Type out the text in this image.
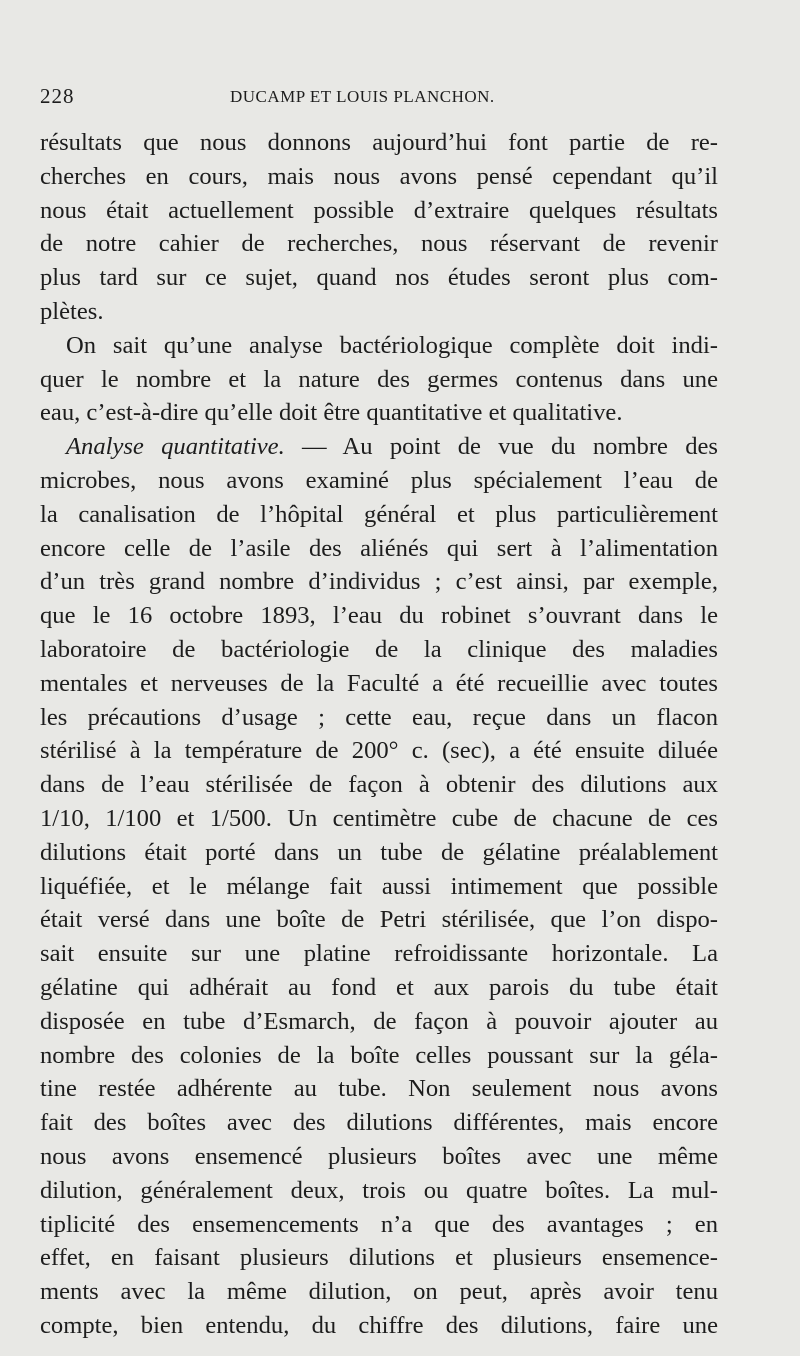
228	DUCAMP ET LOUIS PLANCHON.
résultats que nous donnons aujourd’hui font partie de re-
cherches en cours, mais nous avons pensé cependant qu’il
nous était actuellement possible d’extraire quelques résultats
de notre cahier de recherches, nous réservant de revenir
plus tard sur ce sujet, quand nos études seront plus com-
plètes.
On sait qu’une analyse bactériologique complète doit indi-
quer le nombre et la nature des germes contenus dans une
eau, c’est-à-dire qu’elle doit être quantitative et qualitative.
Analyse quantitative. — Au point de vue du nombre des
microbes, nous avons examiné plus spécialement l’eau de
la canalisation de l’hôpital général et plus particulièrement
encore celle de l’asile des aliénés qui sert à l’alimentation
d’un très grand nombre d’individus ; c’est ainsi, par exemple,
que le 16 octobre 1893, l’eau du robinet s’ouvrant dans le
laboratoire de bactériologie de la clinique des maladies
mentales et nerveuses de la Faculté a été recueillie avec toutes
les précautions d’usage ; cette eau, reçue dans un flacon
stérilisé à la température de 200° c. (sec), a été ensuite diluée
dans de l’eau stérilisée de façon à obtenir des dilutions aux
1/10, 1/100 et 1/500. Un centimètre cube de chacune de ces
dilutions était porté dans un tube de gélatine préalablement
liquéfiée, et le mélange fait aussi intimement que possible
était versé dans une boîte de Petri stérilisée, que l’on dispo-
sait ensuite sur une platine refroidissante horizontale. La
gélatine qui adhérait au fond et aux parois du tube était
disposée en tube d’Esmarch, de façon à pouvoir ajouter au
nombre des colonies de la boîte celles poussant sur la géla-
tine restée adhérente au tube. Non seulement nous avons
fait des boîtes avec des dilutions différentes, mais encore
nous avons ensemencé plusieurs boîtes avec une même
dilution, généralement deux, trois ou quatre boîtes. La mul-
tiplicité des ensemencements n’a que des avantages ; en
effet, en faisant plusieurs dilutions et plusieurs ensemence-
ments avec la même dilution, on peut, après avoir tenu
compte, bien entendu, du chiffre des dilutions, faire une
